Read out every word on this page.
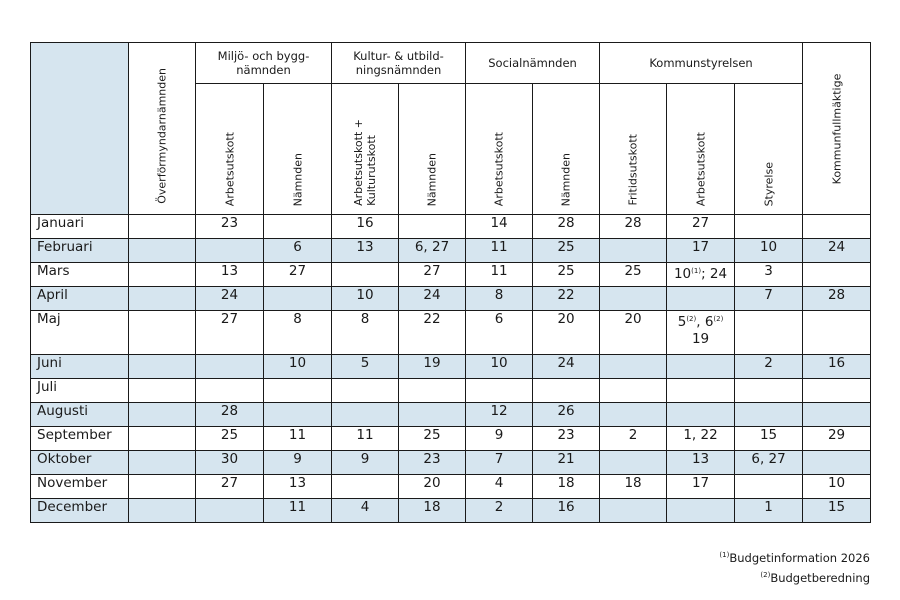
	Överförmyndarnämnden	Miljö- och bygg-
nämnden		Kultur- & utbild-
ningsnämnden		Socialnämnden		Kommunstyrelsen			Kommunfullmäktige

		Arbetsutskott	Nämnden	Arbetsutskott +
Kulturutskott	Nämnden	Arbetsutskott	Nämnden	Fritidsutskott	Arbetsutskott	Styrelse	

Januari		23		16		14	28	28	27		
Februari			6	13	6, 27	11	25		17	10	24
Mars		13	27		27	11	25	25	10$^{(1)}$; 24	3	
April		24		10	24	8	22			7	28
Maj		27	8	8	22	6	20	20	5$^{(2)}$, 6$^{(2)}$
19		
Juni			10	5	19	10	24			2	16
Juli											
Augusti		28				12	26				
September		25	11	11	25	9	23	2	1, 22	15	29
Oktober		30	9	9	23	7	21		13	6, 27	
November		27	13		20	4	18	18	17		10
December			11	4	18	2	16			1	15
$^{(1)}$Budgetinformation 2026
$^{(2)}$Budgetberedning
